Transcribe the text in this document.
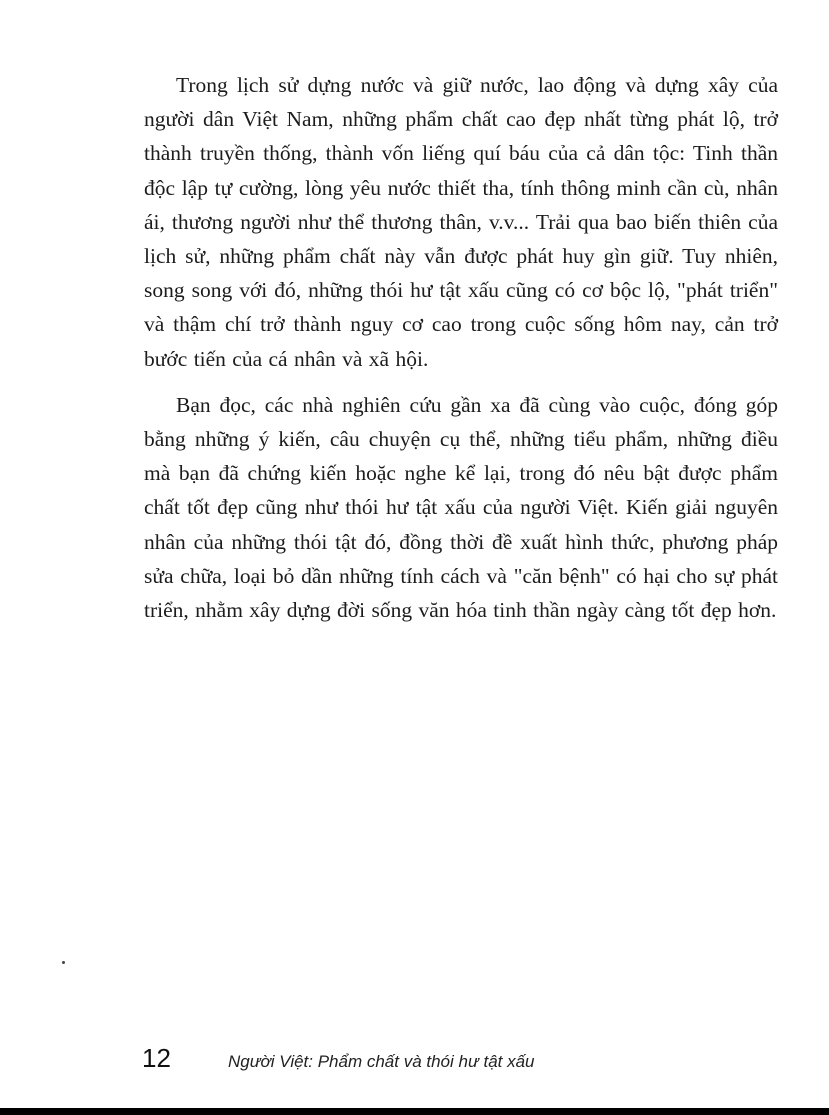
Trong lịch sử dựng nước và giữ nước, lao động và dựng xây của người dân Việt Nam, những phẩm chất cao đẹp nhất từng phát lộ, trở thành truyền thống, thành vốn liếng quí báu của cả dân tộc: Tinh thần độc lập tự cường, lòng yêu nước thiết tha, tính thông minh cần cù, nhân ái, thương người như thể thương thân, v.v... Trải qua bao biến thiên của lịch sử, những phẩm chất này vẫn được phát huy gìn giữ. Tuy nhiên, song song với đó, những thói hư tật xấu cũng có cơ bộc lộ, "phát triển" và thậm chí trở thành nguy cơ cao trong cuộc sống hôm nay, cản trở bước tiến của cá nhân và xã hội.

Bạn đọc, các nhà nghiên cứu gần xa đã cùng vào cuộc, đóng góp bằng những ý kiến, câu chuyện cụ thể, những tiểu phẩm, những điều mà bạn đã chứng kiến hoặc nghe kể lại, trong đó nêu bật được phẩm chất tốt đẹp cũng như thói hư tật xấu của người Việt. Kiến giải nguyên nhân của những thói tật đó, đồng thời đề xuất hình thức, phương pháp sửa chữa, loại bỏ dần những tính cách và "căn bệnh" có hại cho sự phát triển, nhằm xây dựng đời sống văn hóa tinh thần ngày càng tốt đẹp hơn.

12	Người Việt: Phẩm chất và thói hư tật xấu
